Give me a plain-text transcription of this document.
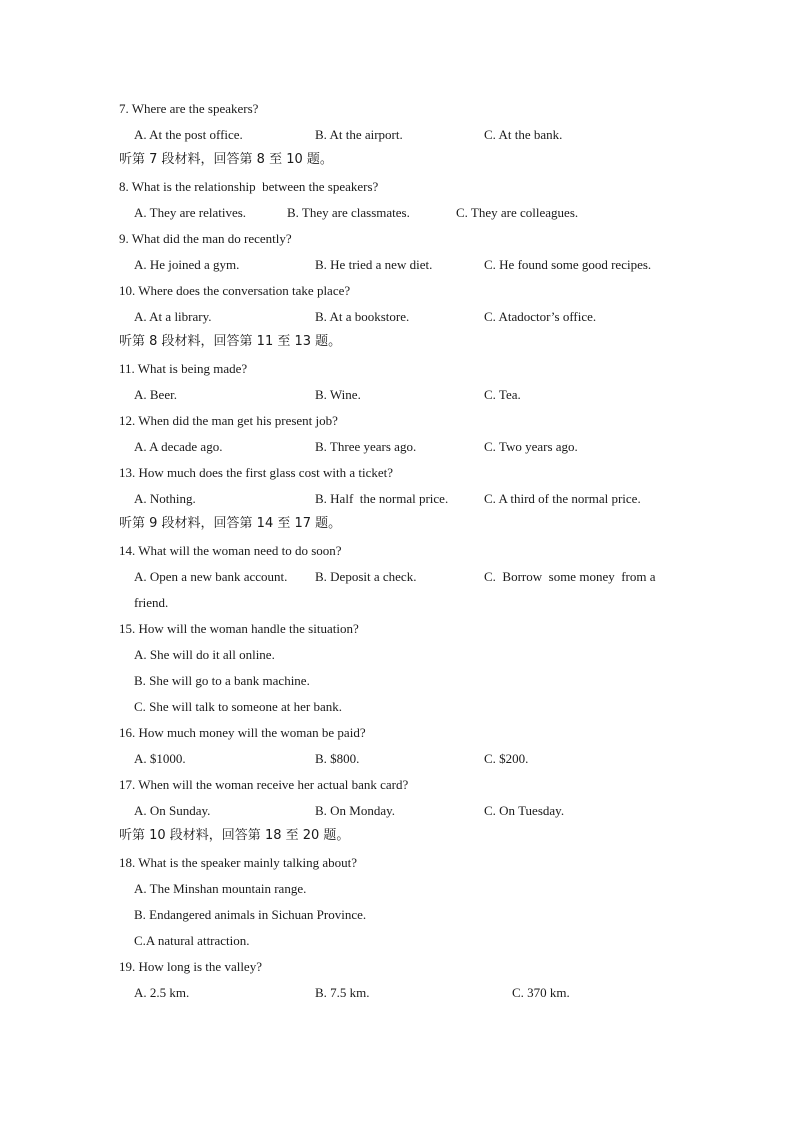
7. Where are the speakers?
A. At the post office.	B. At the airport.	C. At the bank.
听第 7 段材料，回答第 8 至 10 题。
8. What is the relationship  between the speakers?
A. They are relatives.	B. They are classmates.	C. They are colleagues.
9. What did the man do recently?
A. He joined a gym.	B. He tried a new diet.	C. He found some good recipes.
10. Where does the conversation take place?
A. At a library.	B. At a bookstore.	C. Atadoctor’s office.
听第 8 段材料，回答第 11 至 13 题。
11. What is being made?
A. Beer.	B. Wine.	C. Tea.
12. When did the man get his present job?
A. A decade ago.	B. Three years ago.	C. Two years ago.
13. How much does the first glass cost with a ticket?
A. Nothing.	B. Half  the normal price.	C. A third of the normal price.
听第 9 段材料，回答第 14 至 17 题。
14. What will the woman need to do soon?
A. Open a new bank account. B. Deposit a check.	C.  Borrow  some money  from a
friend.
15. How will the woman handle the situation?
A. She will do it all online.
B. She will go to a bank machine.
C. She will talk to someone at her bank.
16. How much money will the woman be paid?
A. $1000.	B. $800.	C. $200.
17. When will the woman receive her actual bank card?
A. On Sunday.	B. On Monday.	C. On Tuesday.
听第 10 段材料，回答第 18 至 20 题。
18. What is the speaker mainly talking about?
A. The Minshan mountain range.
B. Endangered animals in Sichuan Province.
C.A natural attraction.
19. How long is the valley?
A. 2.5 km.	B. 7.5 km.	C. 370 km.
